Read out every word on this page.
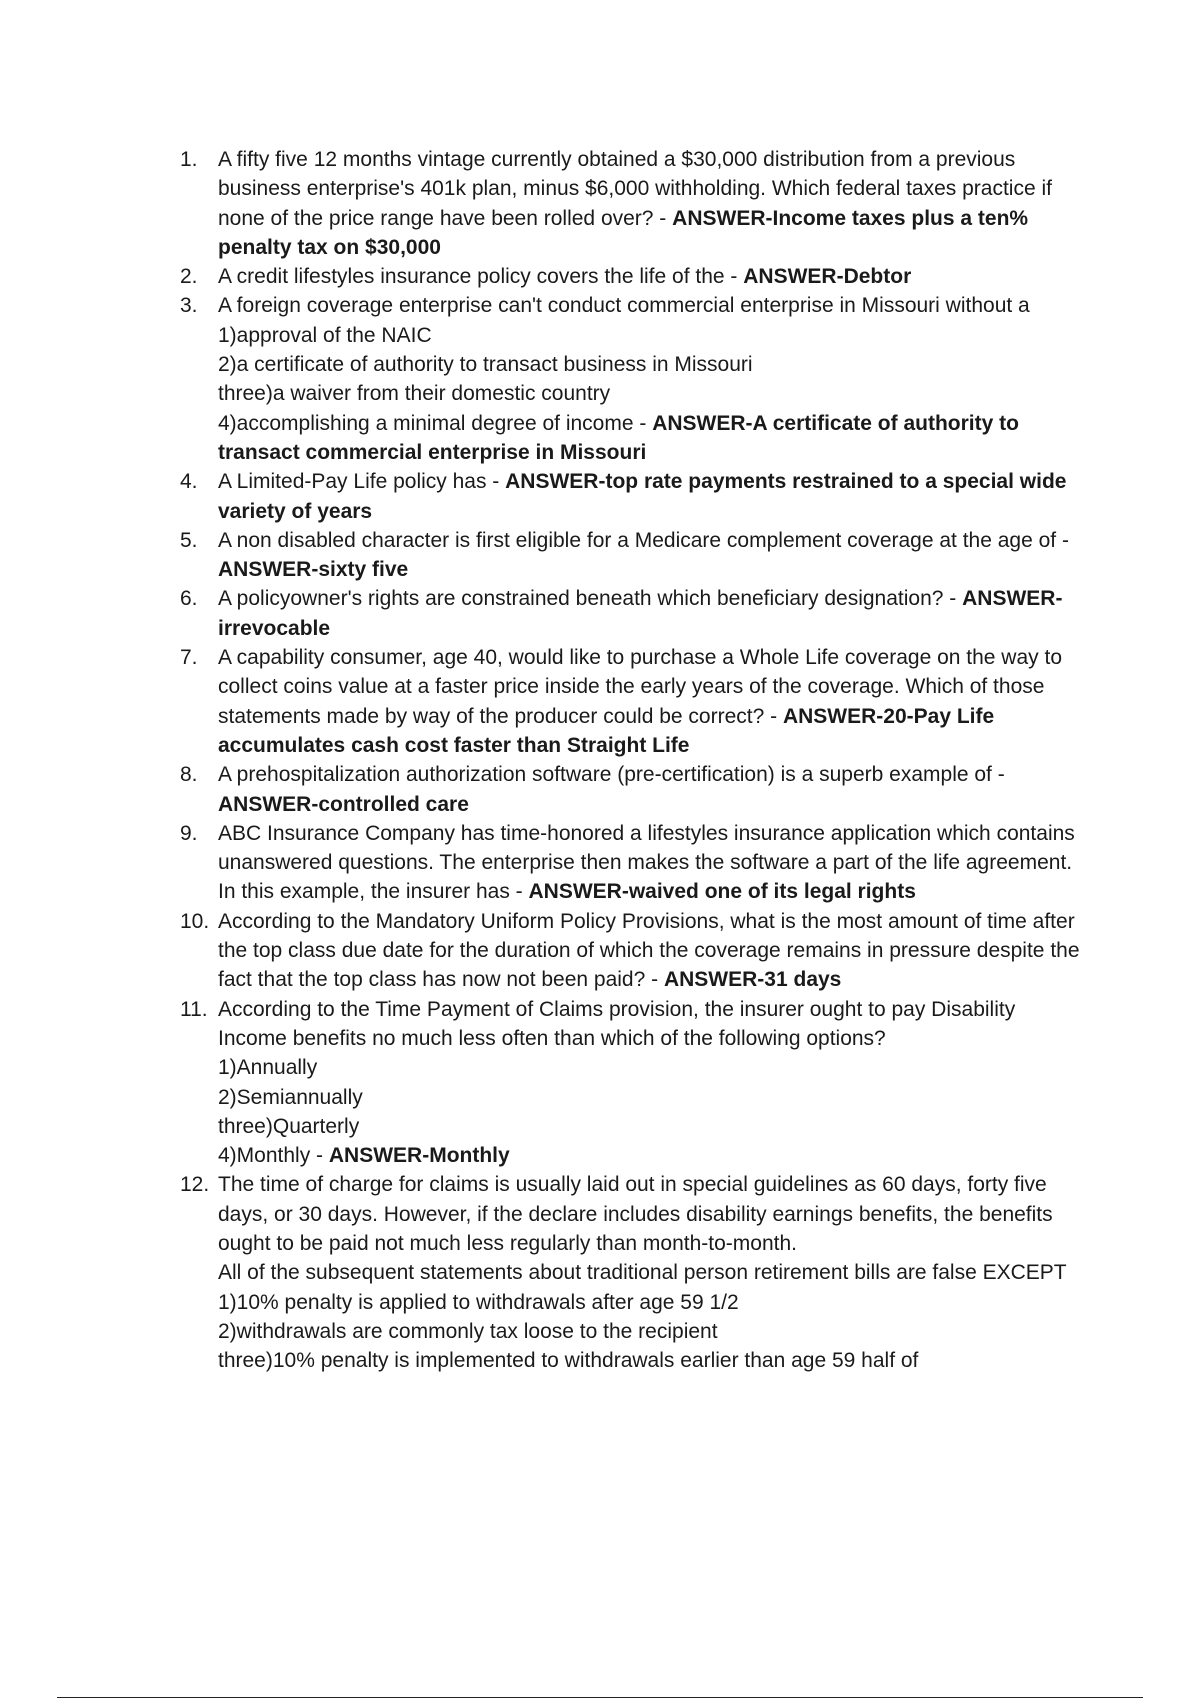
1. A fifty five 12 months vintage currently obtained a $30,000 distribution from a previous business enterprise's 401k plan, minus $6,000 withholding. Which federal taxes practice if none of the price range have been rolled over? - ANSWER-Income taxes plus a ten% penalty tax on $30,000
2. A credit lifestyles insurance policy covers the life of the - ANSWER-Debtor
3. A foreign coverage enterprise can't conduct commercial enterprise in Missouri without a
1)approval of the NAIC
2)a certificate of authority to transact business in Missouri
three)a waiver from their domestic country
4)accomplishing a minimal degree of income - ANSWER-A certificate of authority to transact commercial enterprise in Missouri
4. A Limited-Pay Life policy has - ANSWER-top rate payments restrained to a special wide variety of years
5. A non disabled character is first eligible for a Medicare complement coverage at the age of - ANSWER-sixty five
6. A policyowner's rights are constrained beneath which beneficiary designation? - ANSWER-irrevocable
7. A capability consumer, age 40, would like to purchase a Whole Life coverage on the way to collect coins value at a faster price inside the early years of the coverage. Which of those statements made by way of the producer could be correct? - ANSWER-20-Pay Life accumulates cash cost faster than Straight Life
8. A prehospitalization authorization software (pre-certification) is a superb example of - ANSWER-controlled care
9. ABC Insurance Company has time-honored a lifestyles insurance application which contains unanswered questions. The enterprise then makes the software a part of the life agreement. In this example, the insurer has - ANSWER-waived one of its legal rights
10. According to the Mandatory Uniform Policy Provisions, what is the most amount of time after the top class due date for the duration of which the coverage remains in pressure despite the fact that the top class has now not been paid? - ANSWER-31 days
11. According to the Time Payment of Claims provision, the insurer ought to pay Disability Income benefits no much less often than which of the following options?
1)Annually
2)Semiannually
three)Quarterly
4)Monthly - ANSWER-Monthly
12. The time of charge for claims is usually laid out in special guidelines as 60 days, forty five days, or 30 days. However, if the declare includes disability earnings benefits, the benefits ought to be paid not much less regularly than month-to-month.
All of the subsequent statements about traditional person retirement bills are false EXCEPT
1)10% penalty is applied to withdrawals after age 59 1/2
2)withdrawals are commonly tax loose to the recipient
three)10% penalty is implemented to withdrawals earlier than age 59 half of
